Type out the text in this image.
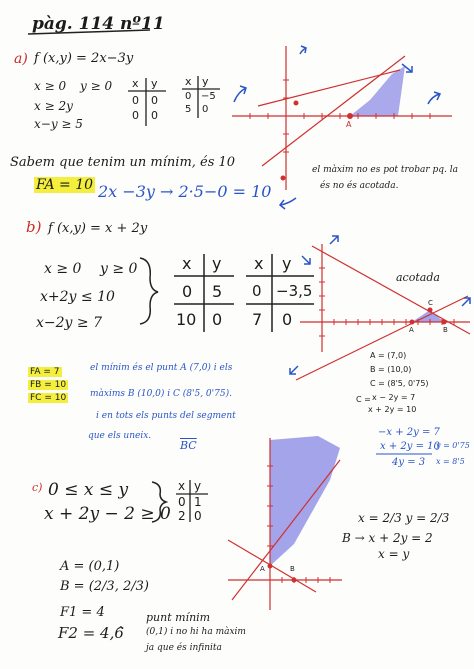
pàg. 114 nº11
a) f (x,y) = 2x−3y
x ≥ 0 y ≥ 0
x ≥ 2y
x−y ≥ 5
x y
0 0
0 0
x y
0 −5
5 0
A
Sabem que tenim un mínim, és 10
FA = 10 2x −3y → 2·5−0 = 10
el màxim no es pot trobar pq. la
és no és acotada.
b) f (x,y) = x + 2y
x ≥ 0 y ≥ 0
x+2y ≤ 10
x−2y ≥ 7
x y
0 5
10 0
x y
0 −3,5
7 0
acotada
A	B
C
A = (7,0)
B = (10,0)
C = (8'5, 0'75)
C = x − 2y = 7
x + 2y = 10
−x + 2y = 7
x + 2y = 10
4y = 3
y = 0'75
x = 8'5
FA = 7
FB = 10
FC = 10
el mínim és el punt A (7,0) i els
màxims B (10,0) i C (8'5, 0'75).
i en tots els punts del segment
que els uneix.
$\overline{BC}$
c) 0 ≤ x ≤ y
x + 2y − 2 ≥ 0
x y
0 1
2 0
A	B
x = 2/3 y = 2/3
B → x + 2y = 2
x = y
A = (0,1)
B = (2/3, 2/3)
F1 = 4
F2 = 4,6̂
punt mínim
(0,1) i no hi ha màxim
ja que és infinita
